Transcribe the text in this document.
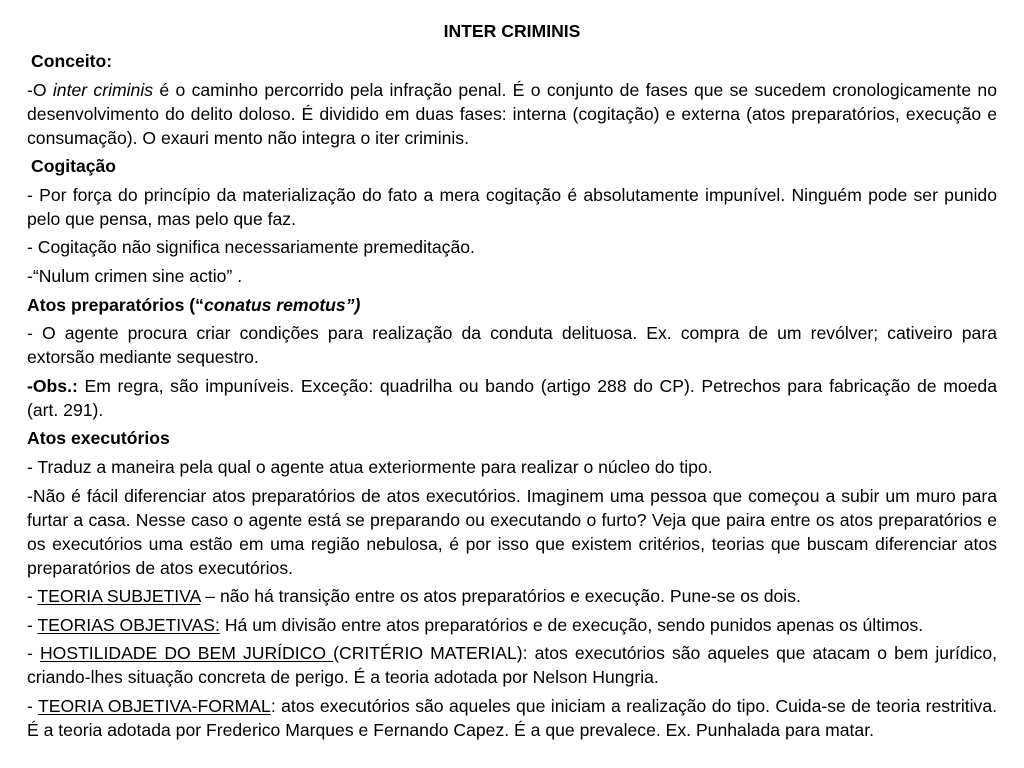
INTER CRIMINIS

Conceito:

-O inter criminis é o caminho percorrido pela infração penal. É o conjunto de fases que se sucedem cronologicamente no desenvolvimento do delito doloso. É dividido em duas fases: interna (cogitação) e externa (atos preparatórios, execução e consumação). O exauri mento não integra o iter criminis.

Cogitação

- Por força do princípio da materialização do fato a mera cogitação é absolutamente impunível. Ninguém pode ser punido pelo que pensa, mas pelo que faz.

- Cogitação não significa necessariamente premeditação.

-“Nulum crimen sine actio” .

Atos preparatórios (“conatus remotus”)

- O agente procura criar condições para realização da conduta delituosa. Ex. compra de um revólver; cativeiro para extorsão mediante sequestro.

-Obs.: Em regra, são impuníveis. Exceção: quadrilha ou bando (artigo 288 do CP). Petrechos para fabricação de moeda (art. 291).

Atos executórios

- Traduz a maneira pela qual o agente atua exteriormente para realizar o núcleo do tipo.

-Não é fácil diferenciar atos preparatórios de atos executórios. Imaginem uma pessoa que começou a subir um muro para furtar a casa. Nesse caso o agente está se preparando ou executando o furto? Veja que paira entre os atos preparatórios e os executórios uma estão em uma região nebulosa, é por isso que existem critérios, teorias que buscam diferenciar atos preparatórios de atos executórios.

- TEORIA SUBJETIVA – não há transição entre os atos preparatórios e execução. Pune-se os dois.

- TEORIAS OBJETIVAS: Há um divisão entre atos preparatórios e de execução, sendo punidos apenas os últimos.

- HOSTILIDADE DO BEM JURÍDICO (CRITÉRIO MATERIAL): atos executórios são aqueles que atacam o bem jurídico, criando-lhes situação concreta de perigo. É a teoria adotada por Nelson Hungria.

- TEORIA OBJETIVA-FORMAL: atos executórios são aqueles que iniciam a realização do tipo. Cuida-se de teoria restritiva. É a teoria adotada por Frederico Marques e Fernando Capez. É a que prevalece. Ex. Punhalada para matar.
